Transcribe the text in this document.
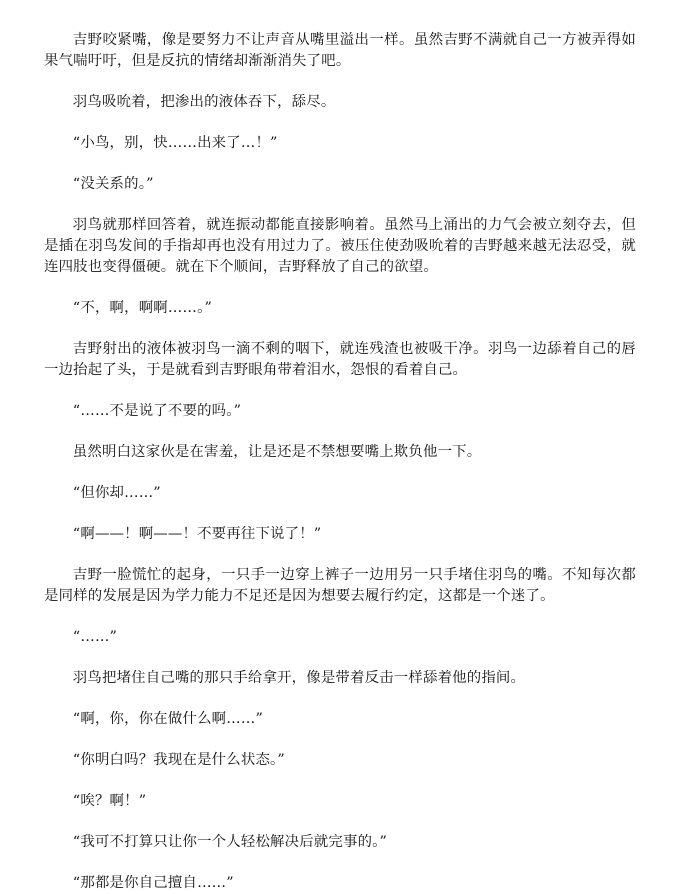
吉野咬紧嘴，像是要努力不让声音从嘴里溢出一样。虽然吉野不满就自己一方被弄得如果气喘吁吁，但是反抗的情绪却渐渐消失了吧。

羽鸟吸吮着，把渗出的液体吞下，舔尽。

“小鸟，别，快……出来了…！”

“没关系的。”

羽鸟就那样回答着，就连振动都能直接影响着。虽然马上涌出的力气会被立刻夺去，但是插在羽鸟发间的手指却再也没有用过力了。被压住使劲吸吮着的吉野越来越无法忍受，就连四肢也变得僵硬。就在下个顺间，吉野释放了自己的欲望。

“不，啊，啊啊……。”

吉野射出的液体被羽鸟一滴不剩的咽下，就连残渣也被吸干净。羽鸟一边舔着自己的唇一边抬起了头，于是就看到吉野眼角带着泪水，怨恨的看着自己。

“……不是说了不要的吗。”

虽然明白这家伙是在害羞，让是还是不禁想要嘴上欺负他一下。

“但你却……”

“啊——！啊——！不要再往下说了！”

吉野一脸慌忙的起身，一只手一边穿上裤子一边用另一只手堵住羽鸟的嘴。不知每次都是同样的发展是因为学力能力不足还是因为想要去履行约定，这都是一个迷了。

“……”

羽鸟把堵住自己嘴的那只手给拿开，像是带着反击一样舔着他的指间。

“啊，你，你在做什么啊……”

“你明白吗？我现在是什么状态。”

“唉？啊！”

“我可不打算只让你一个人轻松解决后就完事的。”

“那都是你自己擅自……”
